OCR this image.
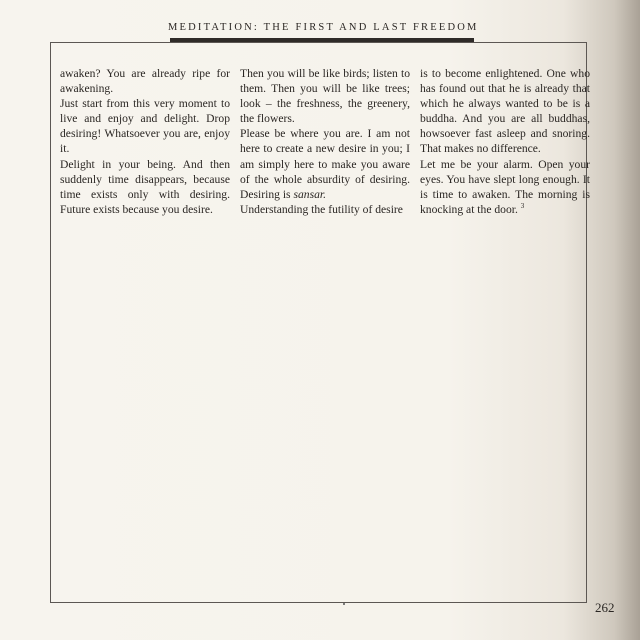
MEDITATION: THE FIRST AND LAST FREEDOM

awaken? You are already ripe for awakening.

Just start from this very moment to live and enjoy and delight. Drop desiring! Whatsoever you are, enjoy it.

Delight in your being. And then suddenly time disappears, because time exists only with desiring. Future exists because you desire.

Then you will be like birds; listen to them. Then you will be like trees; look – the freshness, the greenery, the flowers.

Please be where you are. I am not here to create a new desire in you; I am simply here to make you aware of the whole absurdity of desiring. Desiring is sansar.

Understanding the futility of desire

is to become enlightened. One who has found out that he is already that which he always wanted to be is a buddha. And you are all buddhas, howsoever fast asleep and snoring. That makes no difference.

Let me be your alarm. Open your eyes. You have slept long enough. It is time to awaken. The morning is knocking at the door. $^3$

262
